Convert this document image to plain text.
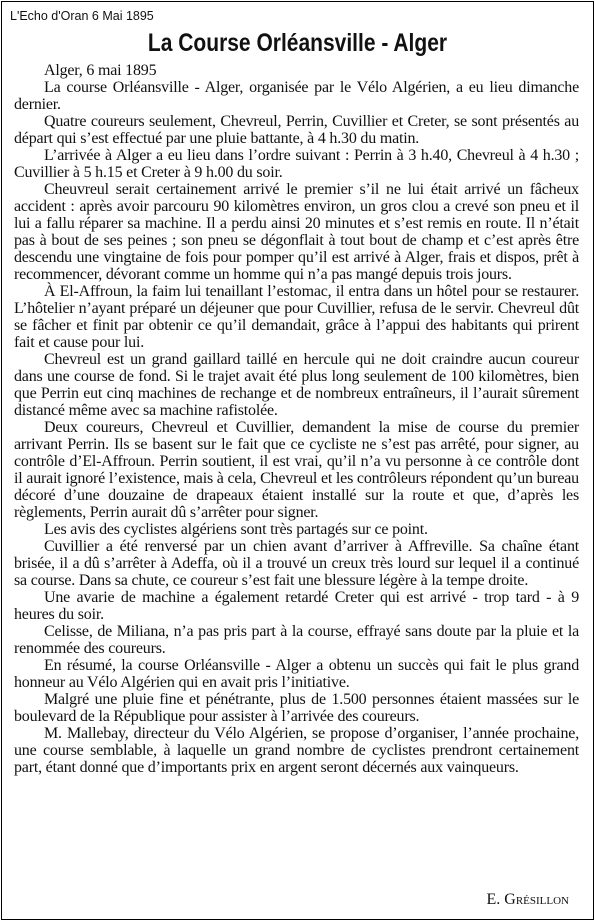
L'Echo d'Oran 6 Mai 1895
La Course Orléansville - Alger

Alger, 6 mai 1895

La course Orléansville - Alger, organisée par le Vélo Algérien, a eu lieu dimanche dernier.

Quatre coureurs seulement, Chevreul, Perrin, Cuvillier et Creter, se sont présentés au départ qui s’est effectué par une pluie battante, à 4 h.30 du matin.

L’arrivée à Alger a eu lieu dans l’ordre suivant : Perrin à 3 h.40, Chevreul à 4 h.30 ; Cuvillier à 5 h.15 et Creter à 9 h.00 du soir.

Cheuvreul serait certainement arrivé le premier s’il ne lui était arrivé un fâcheux accident : après avoir parcouru 90 kilomètres environ, un gros clou a crevé son pneu et il lui a fallu réparer sa machine. Il a perdu ainsi 20 minutes et s’est remis en route. Il n’était pas à bout de ses peines ; son pneu se dégonflait à tout bout de champ et c’est après être descendu une vingtaine de fois pour pomper qu’il est arrivé à Alger, frais et dispos, prêt à recommencer, dévorant comme un homme qui n’a pas mangé depuis trois jours.

À El-Affroun, la faim lui tenaillant l’estomac, il entra dans un hôtel pour se restaurer. L’hôtelier n’ayant préparé un déjeuner que pour Cuvillier, refusa de le servir. Chevreul dût se fâcher et finit par obtenir ce qu’il demandait, grâce à l’appui des habitants qui prirent fait et cause pour lui.

Chevreul est un grand gaillard taillé en hercule qui ne doit craindre aucun coureur dans une course de fond. Si le trajet avait été plus long seulement de 100 kilomètres, bien que Perrin eut cinq machines de rechange et de nombreux entraîneurs, il l’aurait sûrement distancé même avec sa machine rafistolée.

Deux coureurs, Chevreul et Cuvillier, demandent la mise de course du premier arrivant Perrin. Ils se basent sur le fait que ce cycliste ne s’est pas arrêté, pour signer, au contrôle d’El-Affroun. Perrin soutient, il est vrai, qu’il n’a vu personne à ce contrôle dont il aurait ignoré l’existence, mais à cela, Chevreul et les contrôleurs répondent qu’un bureau décoré d’une douzaine de drapeaux étaient installé sur la route et que, d’après les règlements, Perrin aurait dû s’arrêter pour signer.

Les avis des cyclistes algériens sont très partagés sur ce point.

Cuvillier a été renversé par un chien avant d’arriver à Affreville. Sa chaîne étant brisée, il a dû s’arrêter à Adeffa, où il a trouvé un creux très lourd sur lequel il a continué sa course. Dans sa chute, ce coureur s’est fait une blessure légère à la tempe droite.

Une avarie de machine a également retardé Creter qui est arrivé - trop tard - à 9 heures du soir.

Celisse, de Miliana, n’a pas pris part à la course, effrayé sans doute par la pluie et la renommée des coureurs.

En résumé, la course Orléansville - Alger a obtenu un succès qui fait le plus grand honneur au Vélo Algérien qui en avait pris l’initiative.

Malgré une pluie fine et pénétrante, plus de 1.500 personnes étaient massées sur le boulevard de la République pour assister à l’arrivée des coureurs.

M. Mallebay, directeur du Vélo Algérien, se propose d’organiser, l’année prochaine, une course semblable, à laquelle un grand nombre de cyclistes prendront certainement part, étant donné que d’importants prix en argent seront décernés aux vainqueurs.

E. Grésillon
